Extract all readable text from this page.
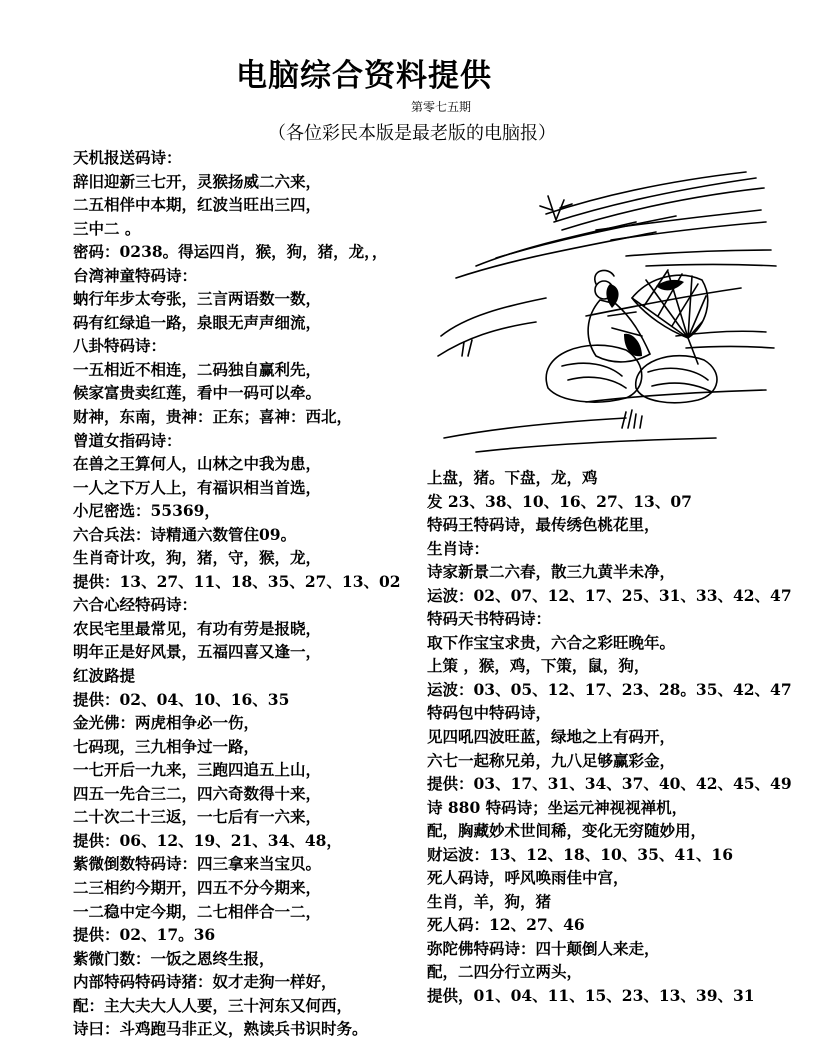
电脑综合资料提供
第零七五期
（各位彩民本版是最老版的电脑报）
天机报送码诗：
辞旧迎新三七开，灵猴扬威二六来，
二五相伴中本期，红波当旺出三四，
三中二 。
密码：0238。得运四肖，猴，狗，猪，龙，，
台湾神童特码诗：
蚋行年步太夸张，三言两语数一数，
码有红绿追一路，泉眼无声声细流，
八卦特码诗：
一五相近不相连，二码独自赢利先，
候家富贵卖红莲，看中一码可以牵。
财神，东南，贵神：正东；喜神：西北，
曾道女指码诗：
在兽之王算何人，山林之中我为患，
一人之下万人上，有福识相当首选，
小尼密选：55369，
六合兵法：诗精通六数管住09。
生肖奇计攻，狗，猪，守，猴，龙，
提供：13、27、11、18、35、27、13、02
六合心经特码诗：
农民宅里最常见，有功有劳是报晓，
明年正是好风景，五福四喜又逢一，
红波路提
提供：02、04、10、16、35
金光佛：两虎相争必一伤，
七码现，三九相争过一路，
一七开后一九来，三跑四追五上山，
四五一先合三二，四六奇数得十来，
二十次二十三返，一七后有一六来，
提供：06、12、19、21、34、48，
紫微倒数特码诗：四三拿来当宝贝。
二三相约今期开，四五不分今期来，
一二稳中定今期，二七相伴合一二，
提供：02、17。36
紫微门数：一饭之恩终生报，
内部特码特码诗猪：奴才走狗一样好，
配：主大夫大人人要，三十河东又何西，
诗曰：斗鸡跑马非正义，熟读兵书识时务。
上盘，猪。下盘，龙，鸡
发 23、38、10、16、27、13、07
特码王特码诗，最传绣色桃花里，
生肖诗：
诗家新景二六春，散三九黄半未净，
运波：02、07、12、17、25、31、33、42、47
特码天书特码诗：
取下作宝宝求贵，六合之彩旺晚年。
上策 ，猴，鸡，下策，鼠，狗，
运波：03、05、12、17、23、28。35、42、47
特码包中特码诗，
见四吼四波旺蓝，绿地之上有码开，
六七一起称兄弟，九八足够赢彩金，
提供：03、17、31、34、37、40、42、45、49
诗 880 特码诗；坐运元神视视禅机，
配，胸藏妙术世间稀，变化无穷随妙用，
财运波：13、12、18、10、35、41、16
死人码诗，呼风唤雨佳中宫，
生肖，羊，狗，猪
死人码：12、27、46
弥陀佛特码诗：四十颠倒人来走，
配，二四分行立两头，
提供，01、04、11、15、23、13、39、31
